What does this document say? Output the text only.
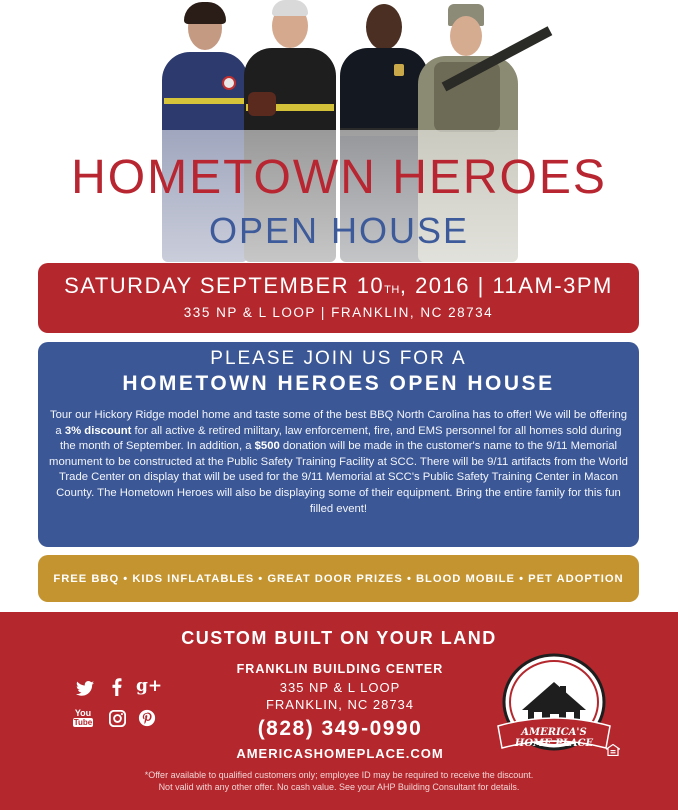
HOMETOWN HEROES
OPEN HOUSE
SATURDAY SEPTEMBER 10TH, 2016 | 11AM-3PM
335 NP & L LOOP | FRANKLIN, NC 28734
PLEASE JOIN US FOR A
HOMETOWN HEROES OPEN HOUSE
Tour our Hickory Ridge model home and taste some of the best BBQ North Carolina has to offer! We will be offering a 3% discount for all active & retired military, law enforcement, fire, and EMS personnel for all homes sold during the month of September. In addition, a $500 donation will be made in the customer's name to the 9/11 Memorial monument to be constructed at the Public Safety Training Facility at SCC. There will be 9/11 artifacts from the World Trade Center on display that will be used for the 9/11 Memorial at SCC's Public Safety Training Center in Macon County. The Hometown Heroes will also be displaying some of their equipment. Bring the entire family for this fun filled event!
FREE BBQ • KIDS INFLATABLES • GREAT DOOR PRIZES • BLOOD MOBILE • PET ADOPTION
CUSTOM BUILT ON YOUR LAND
g+
You
Tube
FRANKLIN BUILDING CENTER
335 NP & L LOOP
FRANKLIN, NC 28734
(828) 349-0990
AMERICASHOMEPLACE.COM
*Offer available to qualified customers only; employee ID may be required to receive the discount.
Not valid with any other offer. No cash value. See your AHP Building Consultant for details.
AMERICA'S
HOME PLACE
